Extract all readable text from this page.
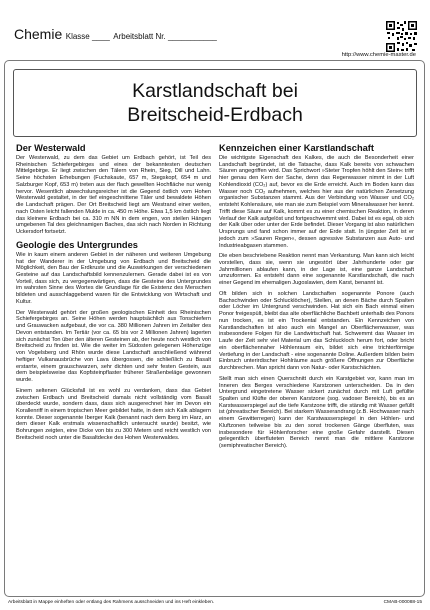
Chemie Klasse ____ Arbeitsblatt Nr. ___________
http://www.chemie-master.de
Karstlandschaft bei
Breitscheid-Erdbach
Der Westerwald

Der Westerwald, zu dem das Gebiet um Erdbach gehört, ist Teil des Rheinischen Schiefergebirges und eines der bekanntesten deutschen Mittelgebirge. Er liegt zwischen den Tälern von Rhein, Sieg, Dill und Lahn. Seine höchsten Erhebungen (Fuchskaute, 657 m, Stegskopf, 654 m und Salzburger Kopf, 653 m) treten aus der flach gewellten Hochfläche nur wenig hervor. Wesentlich abwechslungsreicher ist die Gegend östlich vom Hohen Westerwald gestaltet, in der tief eingeschnittene Täler und bewaldete Höhen die Landschaft prägen. Der Ort Breitscheid liegt am Westrand einer weiten, nach Osten leicht fallenden Mulde in ca. 450 m Höhe. Etwa 1,5 km östlich liegt das kleinere Erdbach bei ca. 310 m NN in dem engen, von steilen Hängen umgebenen Tal des gleichnamigen Baches, das sich nach Norden in Richtung Uckersdorf fortsetzt.

Geologie des Untergrundes

Wie in kaum einem anderen Gebiet in der näheren und weiteren Umgebung hat der Wanderer in der Umgebung von Erdbach und Breitscheid die Möglichkeit, den Bau der Erdkruste und die Auswirkungen der verschiedenen Gesteine auf das Landschaftsbild kennenzulernen. Gerade dabei ist es von Vorteil, dass sich, zu vergegenwärtigen, dass die Gesteine des Untergrundes im wahrsten Sinne des Wortes die Grundlage für die Existenz des Menschen bildeten und ausschlaggebend waren für die Entwicklung von Wirtschaft und Kultur.

Der Westerwald gehört der großen geologischen Einheit des Rheinischen Schiefergebirges an. Seine Höhen werden hauptsächlich aus Tonschiefern und Grauwacken aufgebaut, die vor ca. 380 Millionen Jahren im Zeitalter des Devon entstanden. Im Tertiär (vor ca. 65 bis vor 2 Millionen Jahren) lagerten sich zunächst Ton über den älteren Gesteinen ab, der heute noch westlich von Breitscheid zu finden ist. Wie die weiter im Südosten gelegenen Höhenzüge von Vogelsberg und Rhön wurde diese Landschaft anschließend während heftiger Vulkanausbrüche von Lava übergossen, die schließlich zu Basalt erstarrte, einem grauschwarzen, sehr dichten und sehr festen Gestein, aus dem beispielsweise das Kopfsteinpflaster früherer Straßenbeläge gewonnen wurde.

Einem seltenen Glücksfall ist es wohl zu verdanken, dass das Gebiet zwischen Erdbach und Breitscheid damals nicht vollständig vom Basalt überdeckt wurde, sondern dass, dass sich ausgerechnet hier im Devon ein Korallenriff in einem tropischen Meer gebildet hatte, in dem sich Kalk ablagern konnte. Dieser sogenannte Iberger Kalk (benannt nach dem Iberg im Harz, an dem dieser Kalk erstmals wissenschaftlich untersucht wurde) besitzt, wie Bohrungen zeigten, eine Dicke von bis zu 300 Metern und reicht westlich von Breitscheid noch unter die Basaltdecke des Hohen Westerwaldes.

Kennzeichen einer Karstlandschaft

Die wichtigste Eigenschaft des Kalkes, die auch die Besonderheit einer Landschaft begründet, ist die Tatsache, dass Kalk bereits von schwachen Säuren angegriffen wird. Das Sprichwort »Steter Tropfen höhlt den Stein« trifft hier genau den Kern der Sache, denn das Regenwasser nimmt in der Luft Kohlendioxid (CO₂) auf, bevor es die Erde erreicht. Auch im Boden kann das Wasser noch CO₂ aufnehmen, welches hier aus der natürlichen Zersetzung organischer Substanzen stammt. Aus der Verbindung von Wasser und CO₂ entsteht Kohlensäure, wie man sie zum Beispiel vom Mineralwasser her kennt. Trifft diese Säure auf Kalk, kommt es zu einer chemischen Reaktion, in deren Verlauf der Kalk aufgelöst und fortgeschwemmt wird. Dabei ist es egal, ob sich der Kalk über oder unter der Erde befindet. Dieser Vorgang ist also natürlichen Ursprungs und fand schon immer auf der Erde statt. In jüngster Zeit ist er jedoch zum »Sauren Regen«, dessen agressive Substanzen aus Auto- und Industrieabgasen stammen.

Die eben beschriebene Reaktion nennt man Verkarstung. Man kann sich leicht vorstellen, dass sie, wenn sie ungestört über Jahrhunderte oder gar Jahrmillionen ablaufen kann, in der Lage ist, eine ganze Landschaft umzuformen. Es entsteht dann eine sogenannte Karstlandschaft, die nach einer Gegend im ehemaligen Jugoslawien, dem Karst, benannt ist.

Oft bilden sich in solchen Landschaften sogenannte Ponore (auch Bachschwinden oder Schlucklöcher), Stellen, an denen Bäche durch Spalten oder Löcher im Untergrund verschwinden. Hat sich ein Bach einmal einen Ponor freigespült, bleibt das alte oberflächliche Bachbett unterhalb des Ponors nun trocken, es ist ein Trockental entstanden. Ein Kennzeichen von Karstlandschaften ist also auch ein Mangel an Oberflächenwasser, was insbesondere Folgen für die Landwirtschaft hat. Schwemmt das Wasser im Laufe der Zeit sehr viel Material um das Schluckloch herum fort, oder bricht ein oberflächennaher Höhlenraum ein, bildet sich eine trichterförmige Vertiefung in der Landschaft - eine sogenannte Doline. Außerdem bilden beim Einbruch unterirdischer Hohlräume auch größere Öffnungen zur Oberfläche durchbrechen. Man spricht dann von Natur- oder Karstschächten.

Stellt man sich einen Querschnitt durch ein Karstgebiet vor, kann man im Inneren des Berges verschiedene Karstzonen unterscheiden. Da in den Untergrund eingetretene Wasser sickert zunächst durch mit Luft gefüllte Spalten und Klüfte der oberen Karstzone (sog. vadoser Bereich), bis es an Karstwasserspiegel auf die tiefe Karstzone trifft, die ständig mit Wasser gefüllt ist (phreatischer Bereich). Bei starkem Wasserandrang (z.B. Hochwasser nach einem Gewitterregen) kann der Karstwasserspiegel in den Höhlen- und Kluftzonen teilweise bis zu den sonst trockenen Gänge überfluten, was insbesondere für Höhlenforscher eine große Gefahr darstellt. Diesen gelegentlich überfluteten Bereich nennt man die mittlere Karstzone (semiphreatischer Bereich).

Arbeitsblatt in Mappe einheften oder entlang des Rahmens ausschneiden und ins Heft einkleben.	CMAB-000088-15
